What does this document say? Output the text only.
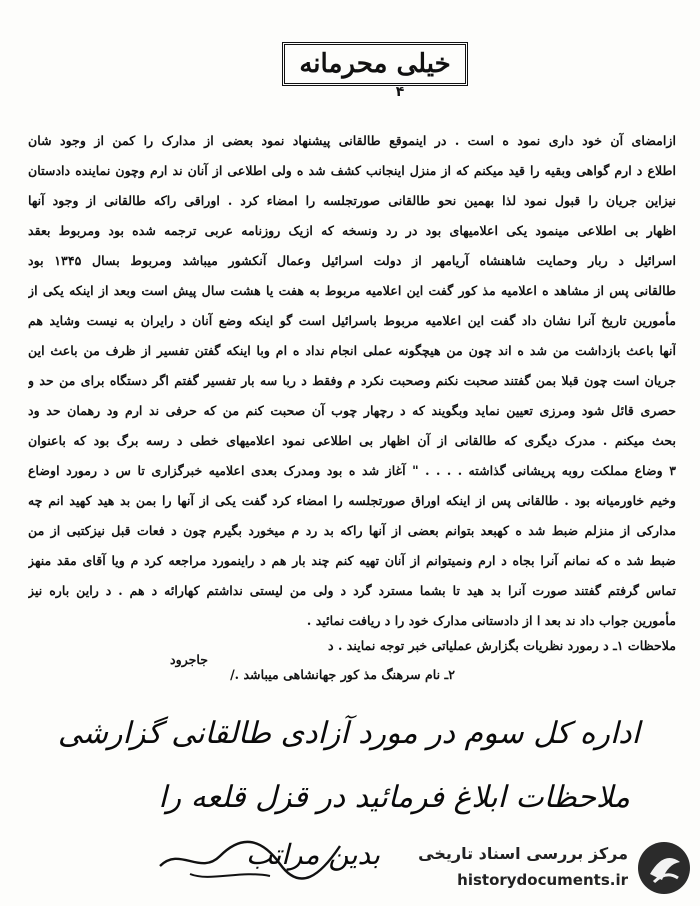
خیلی محرمانه
۴
ازامضای آن خود داری نمود ه است . در اینموقع طالقانی پیشنهاد نمود بعضی از مدارک را کمن از وجود شان
اطلاع د ارم گواهی وبقیه را قید میکنم که از منزل اینجانب کشف شد ه ولی اطلاعی از آنان ند ارم وچون نماینده دادستان
نیزاین جریان را قبول نمود لذا بهمین نحو طالقانی صورتجلسه را امضاء کرد . اوراقی راکه طالقانی از وجود آنها
اظهار بی اطلاعی مینمود یکی اعلامیهای بود در رد ونسخه که ازیک روزنامه عربی ترجمه شده بود ومربوط بعقد
اسرائیل د ربار وحمایت شاهنشاه آریامهر از دولت اسرائیل وعمال آنکشور میباشد ومربوط بسال ۱۳۴۵ بود
طالقانی پس از مشاهد ه اعلامیه مذ کور گفت این اعلامیه مربوط به هفت یا هشت سال پیش است وبعد از اینکه یکی از
مأمورین تاریخ آنرا نشان داد گفت این اعلامیه مربوط باسرائیل است گو اینکه وضع آنان د رایران به نیست وشاید هم
آنها باعث بازداشت من شد ه اند چون من هیچگونه عملی انجام نداد ه ام وبا اینکه گفتن تفسیر از ظرف من باعث این
جریان است چون قبلا بمن گفتند صحبت نکنم وصحبت نکرد م وفقط د ربا سه بار تفسیر گفتم اگر دستگاه برای من حد و
حصری قائل شود ومرزی تعیین نماید وبگویند که د رچهار چوب آن صحبت کنم من که حرفی ند ارم ود رهمان حد ود
بحث میکنم . مدرک دیگری که طالقانی از آن اظهار بی اطلاعی نمود اعلامیهای خطی د رسه برگ بود که باعنوان
۳ وضاع مملکت روبه پریشانی گذاشته . . . . " آغاز شد ه بود ومدرک بعدی اعلامیه خبرگزاری تا س د رمورد اوضاع
وخیم خاورمیانه بود . طالقانی پس از اینکه اوراق صورتجلسه را امضاء کرد گفت یکی از آنها را بمن بد هید کهید انم چه
مدارکی از منزلم ضبط شد ه کهبعد بتوانم بعضی از آنها راکه بد رد م میخورد بگیرم چون د فعات قبل نیزکتبی از من
ضبط شد ه که نمانم آنرا بجاه د ارم ونمیتوانم از آنان تهیه کنم چند بار هم د راینمورد مراجعه کرد م ویا آقای مقد منهز
تماس گرفتم گفتند صورت آنرا بد هید تا بشما مسترد گرد د ولی من لیستی نداشتم کهارائه د هم . د راین باره نیز
مأمورین جواب داد ند بعد ا از دادستانی مدارک خود را د ریافت نمائید .
ملاحظات ۱ـ د رمورد نظریات بگزارش عملیاتی خبر توجه نمایند . د
جاجرود
۲ـ نام سرهنگ مذ کور جهانشاهی میباشد ./
اداره کل سوم در مورد آزادی طالقانی گزارشی
ملاحظات ابلاغ فرمائید در قزل قلعه را
بدین مراتب مرکز بررسی اسناد تاریخی
historydocuments.ir
